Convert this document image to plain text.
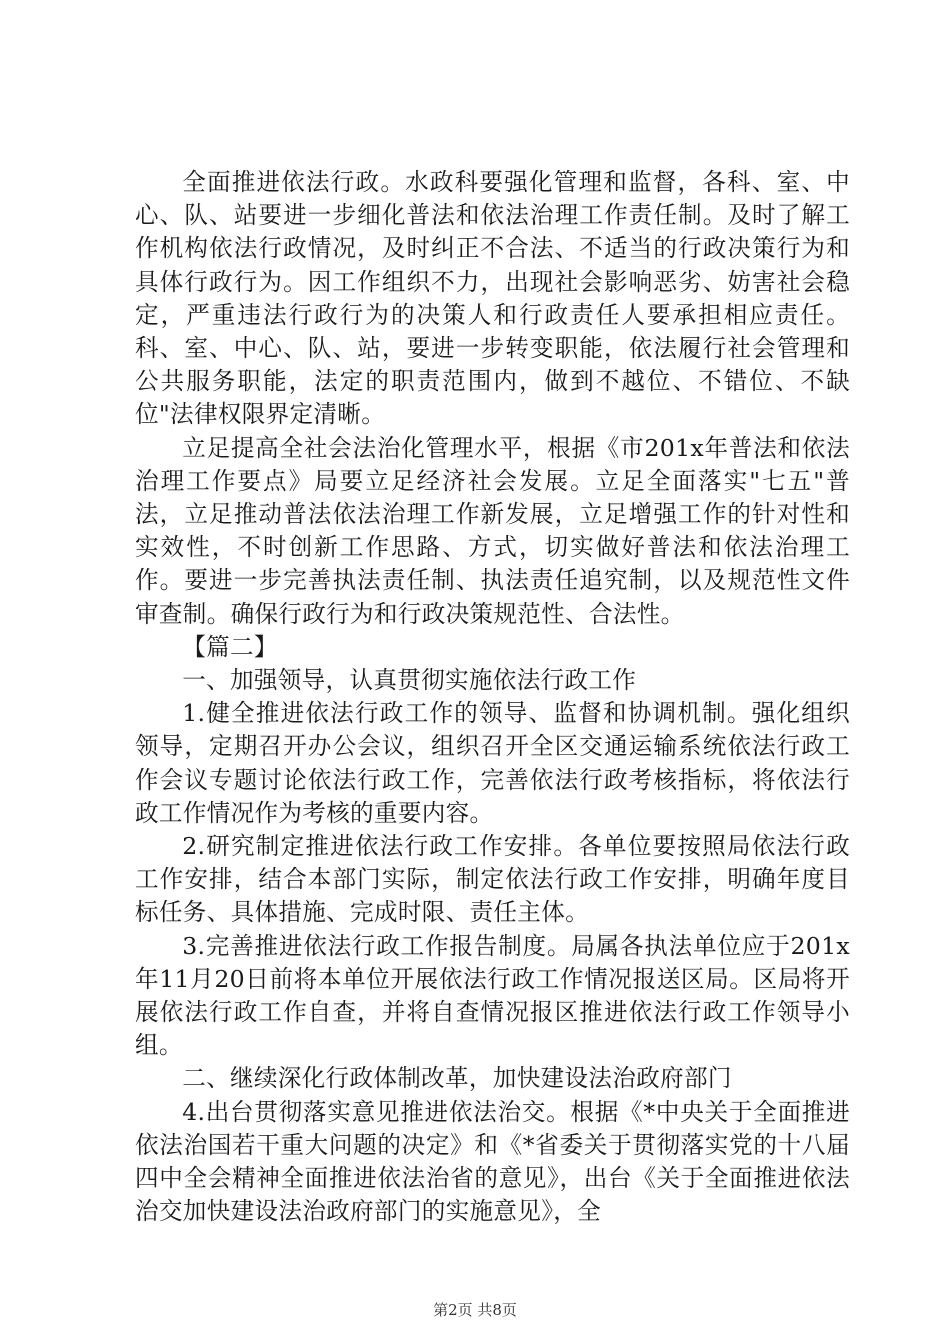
全面推进依法行政。水政科要强化管理和监督，各科、室、中心、队、站要进一步细化普法和依法治理工作责任制。及时了解工作机构依法行政情况，及时纠正不合法、不适当的行政决策行为和具体行政行为。因工作组织不力，出现社会影响恶劣、妨害社会稳定，严重违法行政行为的决策人和行政责任人要承担相应责任。科、室、中心、队、站，要进一步转变职能，依法履行社会管理和公共服务职能，法定的职责范围内，做到不越位、不错位、不缺位"法律权限界定清晰。

立足提高全社会法治化管理水平，根据《市201x年普法和依法治理工作要点》局要立足经济社会发展。立足全面落实"七五"普法，立足推动普法依法治理工作新发展，立足增强工作的针对性和实效性，不时创新工作思路、方式，切实做好普法和依法治理工作。要进一步完善执法责任制、执法责任追究制，以及规范性文件审查制。确保行政行为和行政决策规范性、合法性。

【篇二】

一、加强领导，认真贯彻实施依法行政工作

1.健全推进依法行政工作的领导、监督和协调机制。强化组织领导，定期召开办公会议，组织召开全区交通运输系统依法行政工作会议专题讨论依法行政工作，完善依法行政考核指标，将依法行政工作情况作为考核的重要内容。

2.研究制定推进依法行政工作安排。各单位要按照局依法行政工作安排，结合本部门实际，制定依法行政工作安排，明确年度目标任务、具体措施、完成时限、责任主体。

3.完善推进依法行政工作报告制度。局属各执法单位应于201x年11月20日前将本单位开展依法行政工作情况报送区局。区局将开展依法行政工作自查，并将自查情况报区推进依法行政工作领导小组。

二、继续深化行政体制改革，加快建设法治政府部门

4.出台贯彻落实意见推进依法治交。根据《*中央关于全面推进依法治国若干重大问题的决定》和《*省委关于贯彻落实党的十八届四中全会精神全面推进依法治省的意见》，出台《关于全面推进依法治交加快建设法治政府部门的实施意见》，全

第2页 共8页
